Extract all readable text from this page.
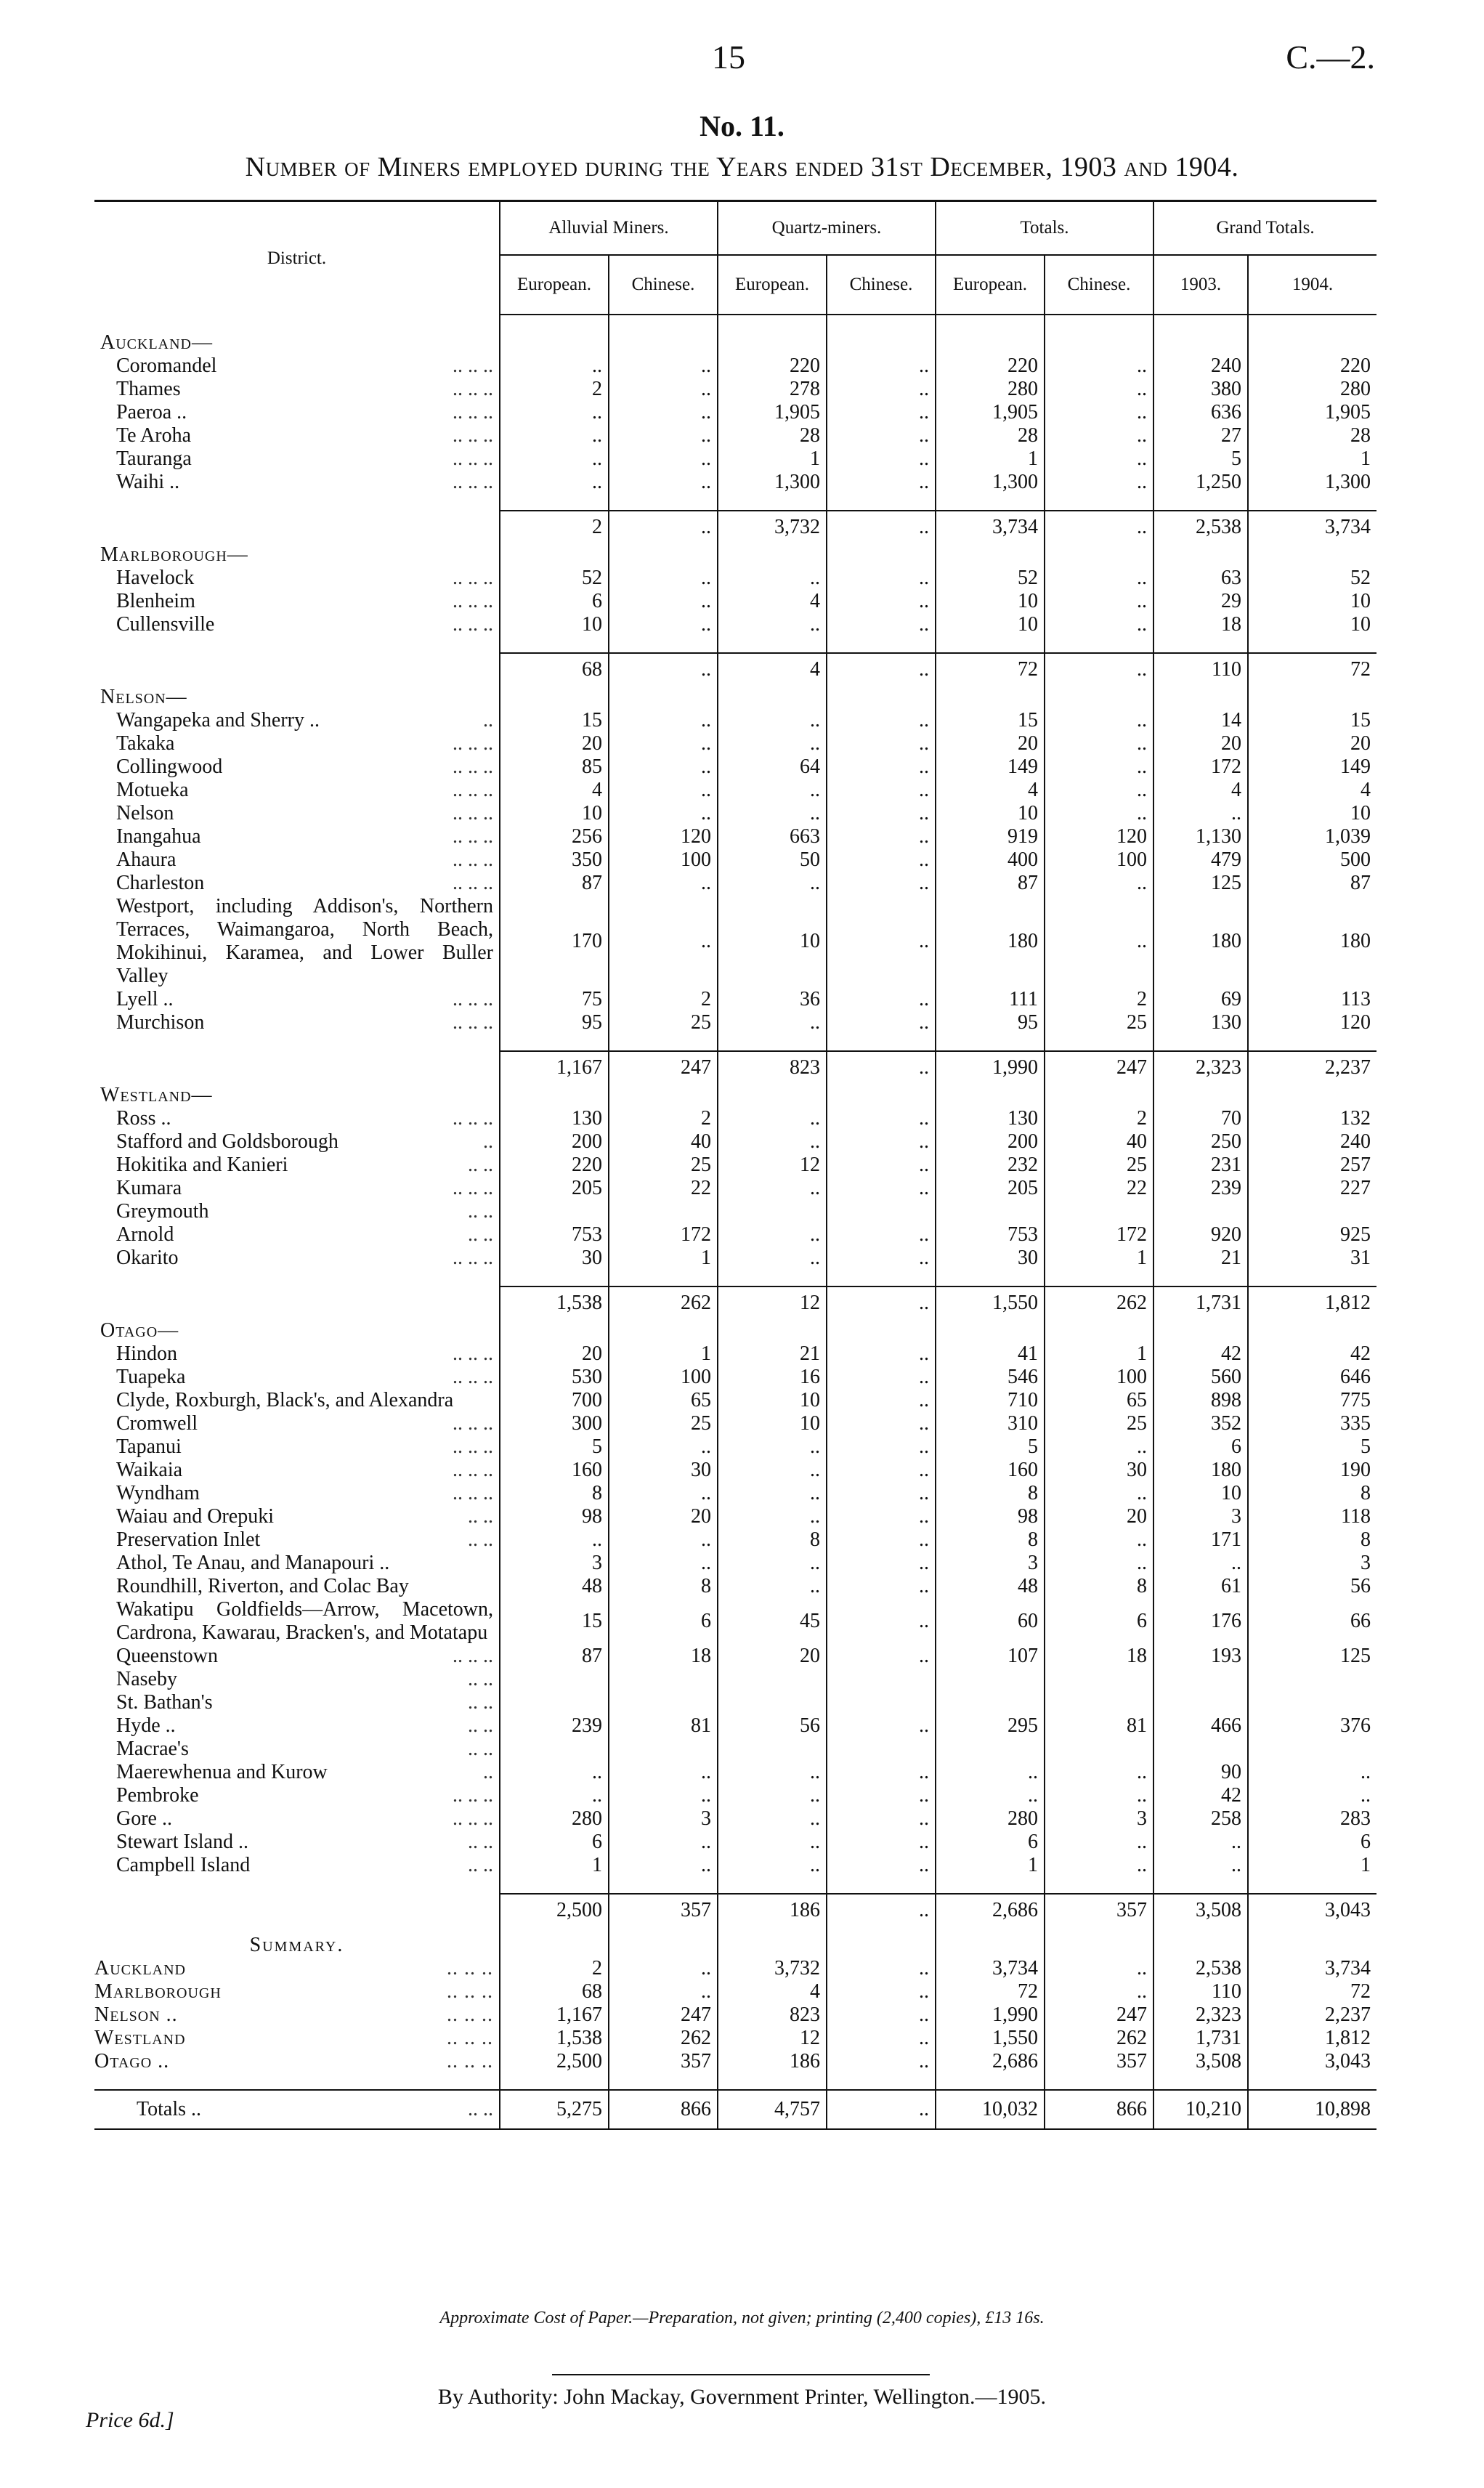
15	C.—2.
No. 11.
Number of Miners employed during the Years ended 31st December, 1903 and 1904.

District.	Alluvial Miners.		Quartz-miners.		Totals.		Grand Totals.	
	European.	Chinese.	European.	Chinese.	European.	Chinese.	1903.	1904.

Auckland—								
Coromandel .. .. ..	..	..	220	..	220	..	240	220
Thames .. .. ..	2	..	278	..	280	..	380	280
Paeroa .. .. .. ..	..	..	1,905	..	1,905	..	636	1,905
Te Aroha .. .. ..	..	..	28	..	28	..	27	28
Tauranga .. .. ..	..	..	1	..	1	..	5	1
Waihi .. .. .. ..	..	..	1,300	..	1,300	..	1,250	1,300

	2	..	3,732	..	3,734	..	2,538	3,734
Marlborough—								
Havelock .. .. ..	52	..	..	..	52	..	63	52
Blenheim .. .. ..	6	..	4	..	10	..	29	10
Cullensville .. .. ..	10	..	..	..	10	..	18	10

	68	..	4	..	72	..	110	72
Nelson—								
Wangapeka and Sherry .. ..	15	..	..	..	15	..	14	15
Takaka .. .. ..	20	..	..	..	20	..	20	20
Collingwood .. .. ..	85	..	64	..	149	..	172	149
Motueka .. .. ..	4	..	..	..	4	..	4	4
Nelson .. .. ..	10	..	..	..	10	..	..	10
Inangahua .. .. ..	256	120	663	..	919	120	1,130	1,039
Ahaura .. .. ..	350	100	50	..	400	100	479	500
Charleston .. .. ..	87	..	..	..	87	..	125	87
Westport, including Addison's, Northern Terraces, Waimangaroa, North Beach, Mokihinui, Karamea, and Lower Buller Valley	170	..	10	..	180	..	180	180
Lyell .. .. .. ..	75	2	36	..	111	2	69	113
Murchison .. .. ..	95	25	..	..	95	25	130	120

	1,167	247	823	..	1,990	247	2,323	2,237
Westland—								
Ross .. .. .. ..	130	2	..	..	130	2	70	132
Stafford and Goldsborough ..	200	40	..	..	200	40	250	240
Hokitika and Kanieri .. ..	220	25	12	..	232	25	231	257
Kumara .. .. ..	205	22	..	..	205	22	239	227
Greymouth .. ..								

Arnold .. ..	753	172	..	..	753	172	920	925
Okarito .. .. ..	30	1	..	..	30	1	21	31

	1,538	262	12	..	1,550	262	1,731	1,812
Otago—								
Hindon .. .. ..	20	1	21	..	41	1	42	42
Tuapeka .. .. ..	530	100	16	..	546	100	560	646
Clyde, Roxburgh, Black's, and Alexandra	700	65	10	..	710	65	898	775
Cromwell .. .. ..	300	25	10	..	310	25	352	335
Tapanui .. .. ..	5	..	..	..	5	..	6	5
Waikaia .. .. ..	160	30	..	..	160	30	180	190
Wyndham .. .. ..	8	..	..	..	8	..	10	8
Waiau and Orepuki .. ..	98	20	..	..	98	20	3	118
Preservation Inlet .. ..	..	..	8	..	8	..	171	8
Athol, Te Anau, and Manapouri ..	3	..	..	..	3	..	..	3
Roundhill, Riverton, and Colac Bay	48	8	..	..	48	8	61	56
Wakatipu Goldfields—Arrow, Macetown, Cardrona, Kawarau, Bracken's, and Motatapu	15	6	45	..	60	6	176	66
Queenstown .. .. ..	87	18	20	..	107	18	193	125
Naseby .. ..								

St. Bathan's .. ..								

Hyde .. .. ..	239	81	56	..	295	81	466	376
Macrae's .. ..								

Maerewhenua and Kurow ..	..	..	..	..	..	..	90	..
Pembroke .. .. ..	..	..	..	..	..	..	42	..
Gore .. .. .. ..	280	3	..	..	280	3	258	283
Stewart Island .. .. ..	6	..	..	..	6	..	..	6
Campbell Island .. ..	1	..	..	..	1	..	..	1

	2,500	357	186	..	2,686	357	3,508	3,043
Summary.								
Auckland .. .. ..	2	..	3,732	..	3,734	..	2,538	3,734
Marlborough .. .. ..	68	..	4	..	72	..	110	72
Nelson .. .. .. ..	1,167	247	823	..	1,990	247	2,323	2,237
Westland .. .. ..	1,538	262	12	..	1,550	262	1,731	1,812
Otago .. .. .. ..	2,500	357	186	..	2,686	357	3,508	3,043

Totals .. .. ..	5,275	866	4,757	..	10,032	866	10,210	10,898
Approximate Cost of Paper.—Preparation, not given; printing (2,400 copies), £13 16s.
By Authority: John Mackay, Government Printer, Wellington.—1905.
Price 6d.]
